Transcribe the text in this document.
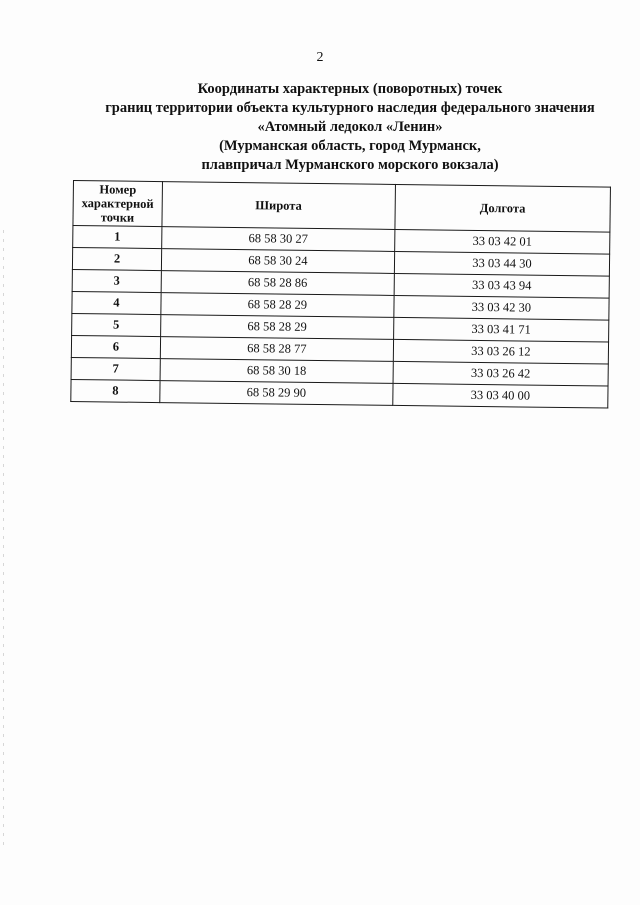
2
Координаты характерных (поворотных) точек
границ территории объекта культурного наследия федерального значения
«Атомный ледокол «Ленин»
(Мурманская область, город Мурманск,
плавпричал Мурманского морского вокзала)
Номер характерной точки	Широта	Долгота
1	68 58 30 27	33 03 42 01
2	68 58 30 24	33 03 44 30
3	68 58 28 86	33 03 43 94
4	68 58 28 29	33 03 42 30
5	68 58 28 29	33 03 41 71
6	68 58 28 77	33 03 26 12
7	68 58 30 18	33 03 26 42
8	68 58 29 90	33 03 40 00
